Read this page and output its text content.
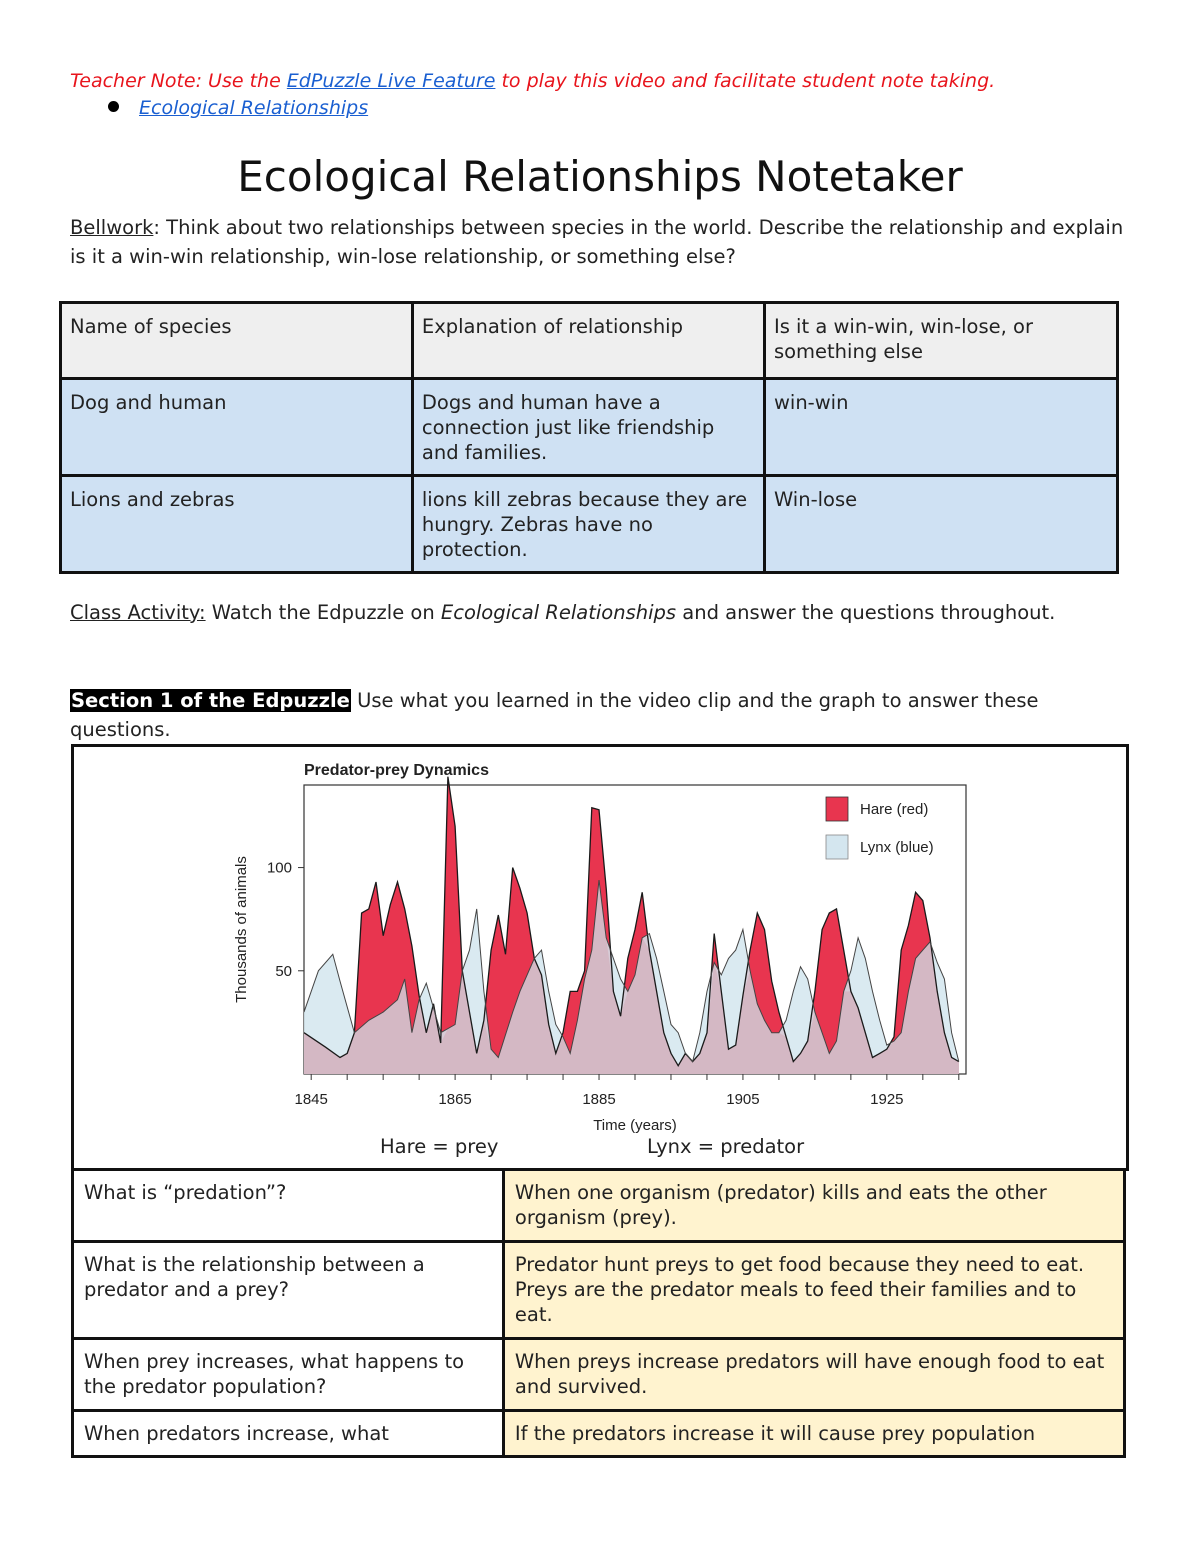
Teacher Note: Use the EdPuzzle Live Feature to play this video and facilitate student note taking.
Ecological Relationships
Ecological Relationships Notetaker
Bellwork: Think about two relationships between species in the world. Describe the relationship and explain is it a win-win relationship, win-lose relationship, or something else?
Name of species	Explanation of relationship	Is it a win-win, win-lose, or something else
Dog and human	Dogs and human have a connection just like friendship and families.	win-win
Lions and zebras	lions kill zebras because they are hungry. Zebras have no protection.	Win-lose
Class Activity: Watch the Edpuzzle on Ecological Relationships and answer the questions throughout.
Section 1 of the Edpuzzle Use what you learned in the video clip and the graph to answer these questions.
Predator-prey Dynamics
1845	1865	1885	1905	1925
50
100
Time (years)
Thousands of animals
Hare (red)
Lynx (blue)
Hare = prey	Lynx = predator
What is “predation”?	When one organism (predator) kills and eats the other organism (prey).
What is the relationship between a predator and a prey?	Predator hunt preys to get food because they need to eat. Preys are the predator meals to feed their families and to eat.
When prey increases, what happens to the predator population?	When preys increase predators will have enough food to eat and survived.
When predators increase, what	If the predators increase it will cause prey population
